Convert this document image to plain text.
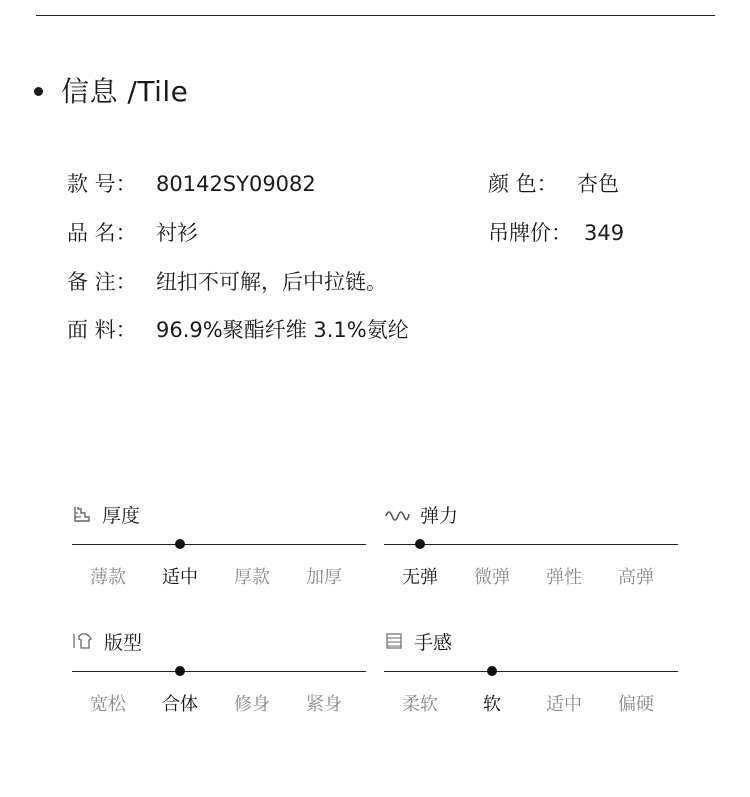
信息 /Tile
款 号： 80142SY09082	颜 色： 杏色
品 名： 衬衫	吊牌价： 349
备 注： 纽扣不可解，后中拉链。
面 料： 96.9%聚酯纤维 3.1%氨纶
厚度
薄款	适中	厚款	加厚
弹力
无弹	微弹	弹性	高弹
版型
宽松	合体	修身	紧身
手感
柔软	软	适中	偏硬
